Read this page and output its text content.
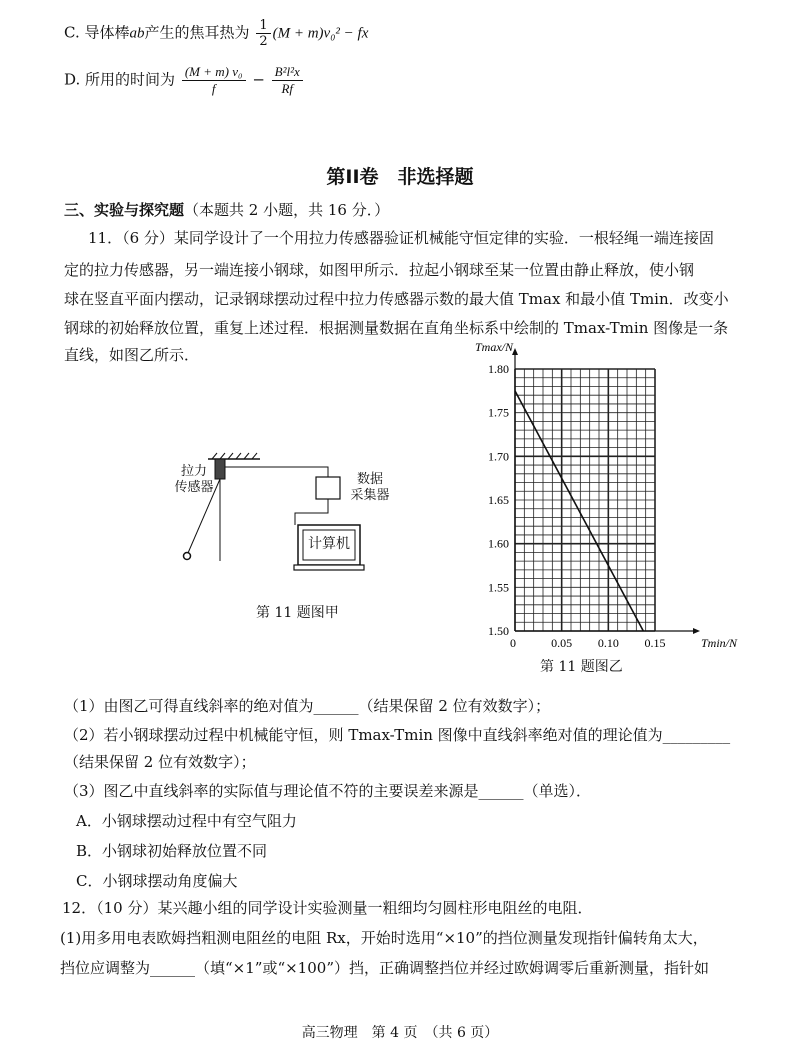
C. 导体棒ab产生的焦耳热为 $\frac{1}{2} (M + m)v_0^2$ − fx
D. 所用的时间为 $\frac{\text{(M + m) v₀}}{f} - \frac{\text{B²l²x}}{Rf}$
第II卷　非选择题
三、实验与探究题（本题共 2 小题，共 16 分．）
11．（6 分）某同学设计了一个用拉力传感器验证机械能守恒定律的实验．一根轻绳一端连接固
定的拉力传感器，另一端连接小钢球，如图甲所示．拉起小钢球至某一位置由静止释放，使小钢
球在竖直平面内摆动，记录钢球摆动过程中拉力传感器示数的最大值 Tmax 和最小值 Tmin．改变小
钢球的初始释放位置，重复上述过程．根据测量数据在直角坐标系中绘制的 Tmax-Tmin 图像是一条
直线，如图乙所示．
拉力
传感器
数据
采集器
计算机
第 11 题图甲
1.50
1.55
1.60
1.65
1.70
1.75
1.80
0	0.05 0.10 0.15
Tmax/N
Tmin/N
第 11 题图乙
（1）由图乙可得直线斜率的绝对值为______（结果保留 2 位有效数字）；
（2）若小钢球摆动过程中机械能守恒，则 Tmax-Tmin 图像中直线斜率绝对值的理论值为_________
（结果保留 2 位有效数字）；
（3）图乙中直线斜率的实际值与理论值不符的主要误差来源是______（单选）．
A．小钢球摆动过程中有空气阻力
B．小钢球初始释放位置不同
C．小钢球摆动角度偏大
12．（10 分）某兴趣小组的同学设计实验测量一粗细均匀圆柱形电阻丝的电阻．
(1)用多用电表欧姆挡粗测电阻丝的电阻 Rx，开始时选用“×10”的挡位测量发现指针偏转角太大，
挡位应调整为______（填“×1”或“×100”）挡，正确调整挡位并经过欧姆调零后重新测量，指针如
高三物理　第 4 页　（共 6 页）
